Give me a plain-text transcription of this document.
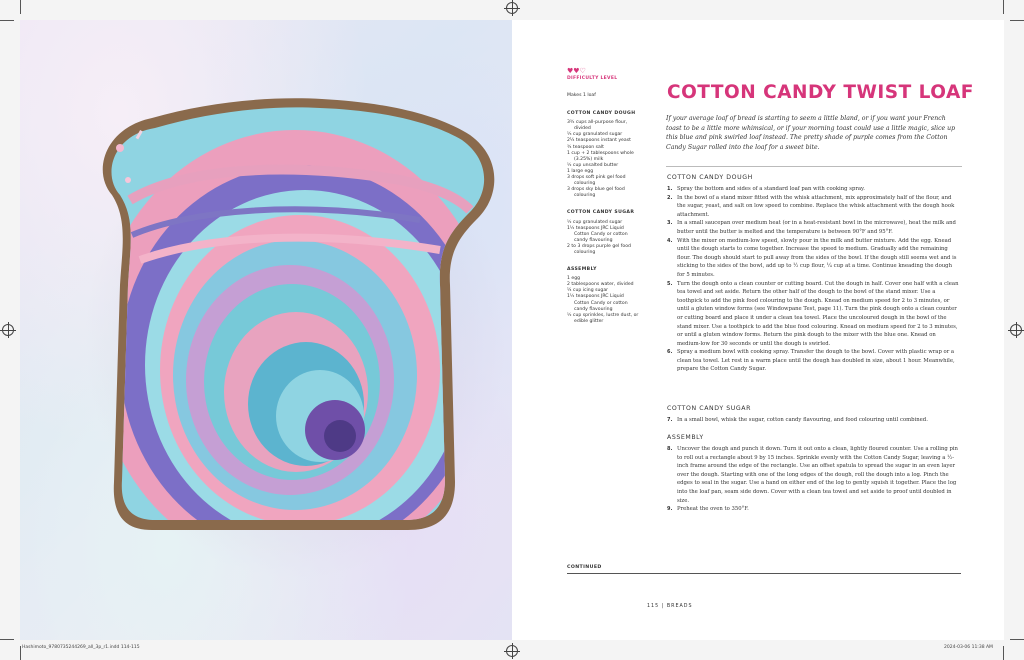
♥♥♡
DIFFICULTY LEVEL
Makes 1 loaf
COTTON CANDY DOUGH
3¾ cups all-purpose flour,
divided
⅓ cup granulated sugar
2¼ teaspoons instant yeast
¾ teaspoon salt
1 cup + 2 tablespoons whole
(3.25%) milk
½ cup unsalted butter
1 large egg
3 drops soft pink gel food
colouring
3 drops sky blue gel food
colouring
COTTON CANDY SUGAR
½ cup granulated sugar
1½ teaspoons JRC Liquid
Cotton Candy or cotton
candy flavouring
2 to 3 drops purple gel food
colouring
ASSEMBLY
1 egg
2 tablespoons water, divided
¼ cup icing sugar
1½ teaspoons JRC Liquid
Cotton Candy or cotton
candy flavouring
½ cup sprinkles, lustre dust, or
edible glitter
COTTON CANDY TWIST LOAF
If your average loaf of bread is starting to seem a little bland, or if you want your French toast to be a little more whimsical, or if your morning toast could use a little magic, slice up this blue and pink swirled loaf instead. The pretty shade of purple comes from the Cotton Candy Sugar rolled into the loaf for a sweet bite.
COTTON CANDY DOUGH
1. Spray the bottom and sides of a standard loaf pan with cooking spray.
2. In the bowl of a stand mixer fitted with the whisk attachment, mix approximately half of the flour, and the sugar, yeast, and salt on low speed to combine. Replace the whisk attachment with the dough hook attachment.
3. In a small saucepan over medium heat (or in a heat-resistant bowl in the microwave), heat the milk and butter until the butter is melted and the temperature is between 90°F and 95°F.
4. With the mixer on medium-low speed, slowly pour in the milk and butter mixture. Add the egg. Knead until the dough starts to come together. Increase the speed to medium. Gradually add the remaining flour. The dough should start to pull away from the sides of the bowl. If the dough still seems wet and is sticking to the sides of the bowl, add up to ½ cup flour, ¼ cup at a time. Continue kneading the dough for 5 minutes.
5. Turn the dough onto a clean counter or cutting board. Cut the dough in half. Cover one half with a clean tea towel and set aside. Return the other half of the dough to the bowl of the stand mixer. Use a toothpick to add the pink food colouring to the dough. Knead on medium speed for 2 to 3 minutes, or until a gluten window forms (see Windowpane Test, page 11). Turn the pink dough onto a clean counter or cutting board and place it under a clean tea towel. Place the uncoloured dough in the bowl of the stand mixer. Use a toothpick to add the blue food colouring. Knead on medium speed for 2 to 3 minutes, or until a gluten window forms. Return the pink dough to the mixer with the blue one. Knead on medium-low for 30 seconds or until the dough is swirled.
6. Spray a medium bowl with cooking spray. Transfer the dough to the bowl. Cover with plastic wrap or a clean tea towel. Let rest in a warm place until the dough has doubled in size, about 1 hour. Meanwhile, prepare the Cotton Candy Sugar.
COTTON CANDY SUGAR
7. In a small bowl, whisk the sugar, cotton candy flavouring, and food colouring until combined.
ASSEMBLY
8. Uncover the dough and punch it down. Turn it out onto a clean, lightly floured counter. Use a rolling pin to roll out a rectangle about 9 by 15 inches. Sprinkle evenly with the Cotton Candy Sugar, leaving a ½-inch frame around the edge of the rectangle. Use an offset spatula to spread the sugar in an even layer over the dough. Starting with one of the long edges of the dough, roll the dough into a log. Pinch the edges to seal in the sugar. Use a hand on either end of the log to gently squish it together. Place the log into the loaf pan, seam side down. Cover with a clean tea towel and set aside to proof until doubled in size.
9. Preheat the oven to 350°F.
CONTINUED
115 | BREADS
Hashimoto_9780735244269_all_3p_r1.indd 114-115	2024-03-06 11:38 AM
